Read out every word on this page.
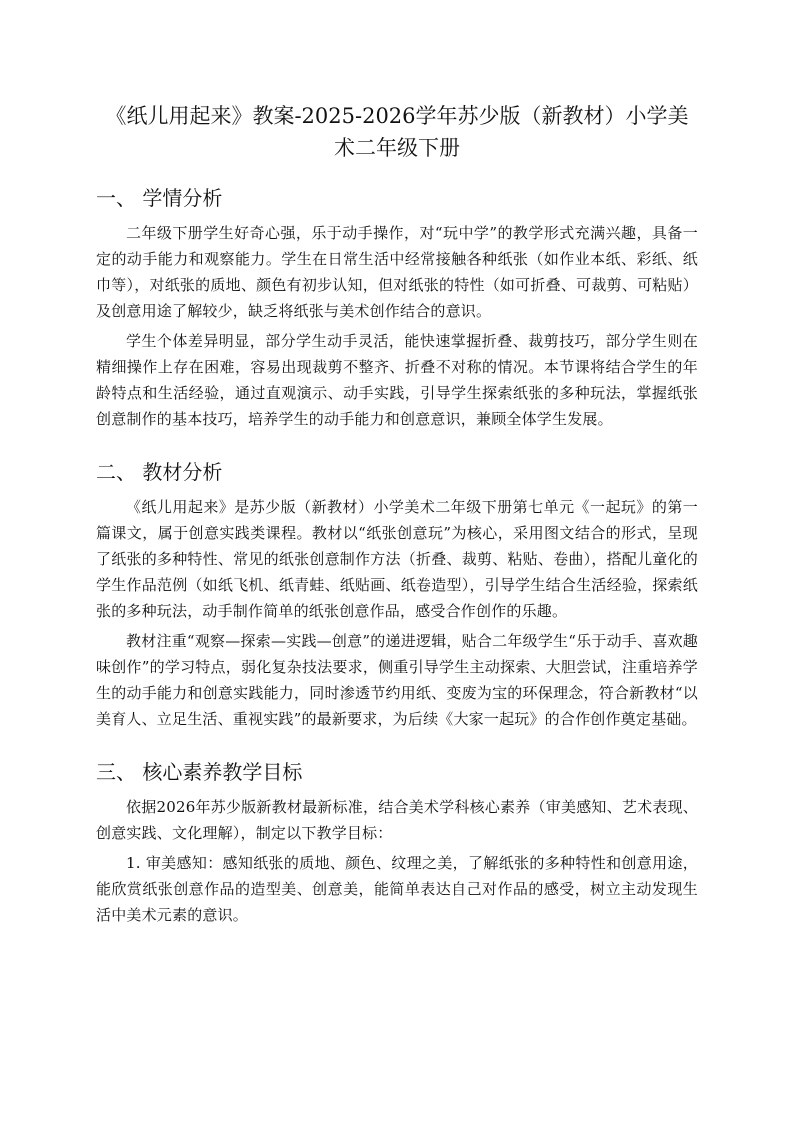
《纸儿用起来》教案-2025-2026学年苏少版（新教材）小学美术二年级下册
一、 学情分析

二年级下册学生好奇心强，乐于动手操作，对“玩中学”的教学形式充满兴趣，具备一定的动手能力和观察能力。学生在日常生活中经常接触各种纸张（如作业本纸、彩纸、纸巾等），对纸张的质地、颜色有初步认知，但对纸张的特性（如可折叠、可裁剪、可粘贴）及创意用途了解较少，缺乏将纸张与美术创作结合的意识。

学生个体差异明显，部分学生动手灵活，能快速掌握折叠、裁剪技巧，部分学生则在精细操作上存在困难，容易出现裁剪不整齐、折叠不对称的情况。本节课将结合学生的年龄特点和生活经验，通过直观演示、动手实践，引导学生探索纸张的多种玩法，掌握纸张创意制作的基本技巧，培养学生的动手能力和创意意识，兼顾全体学生发展。

二、 教材分析

《纸儿用起来》是苏少版（新教材）小学美术二年级下册第七单元《一起玩》的第一篇课文，属于创意实践类课程。教材以“纸张创意玩”为核心，采用图文结合的形式，呈现了纸张的多种特性、常见的纸张创意制作方法（折叠、裁剪、粘贴、卷曲），搭配儿童化的学生作品范例（如纸飞机、纸青蛙、纸贴画、纸卷造型），引导学生结合生活经验，探索纸张的多种玩法，动手制作简单的纸张创意作品，感受合作创作的乐趣。

教材注重“观察—探索—实践—创意”的递进逻辑，贴合二年级学生“乐于动手、喜欢趣味创作”的学习特点，弱化复杂技法要求，侧重引导学生主动探索、大胆尝试，注重培养学生的动手能力和创意实践能力，同时渗透节约用纸、变废为宝的环保理念，符合新教材“以美育人、立足生活、重视实践”的最新要求，为后续《大家一起玩》的合作创作奠定基础。

三、 核心素养教学目标

依据2026年苏少版新教材最新标准，结合美术学科核心素养（审美感知、艺术表现、创意实践、文化理解），制定以下教学目标：

1. 审美感知：感知纸张的质地、颜色、纹理之美，了解纸张的多种特性和创意用途，能欣赏纸张创意作品的造型美、创意美，能简单表达自己对作品的感受，树立主动发现生活中美术元素的意识。
